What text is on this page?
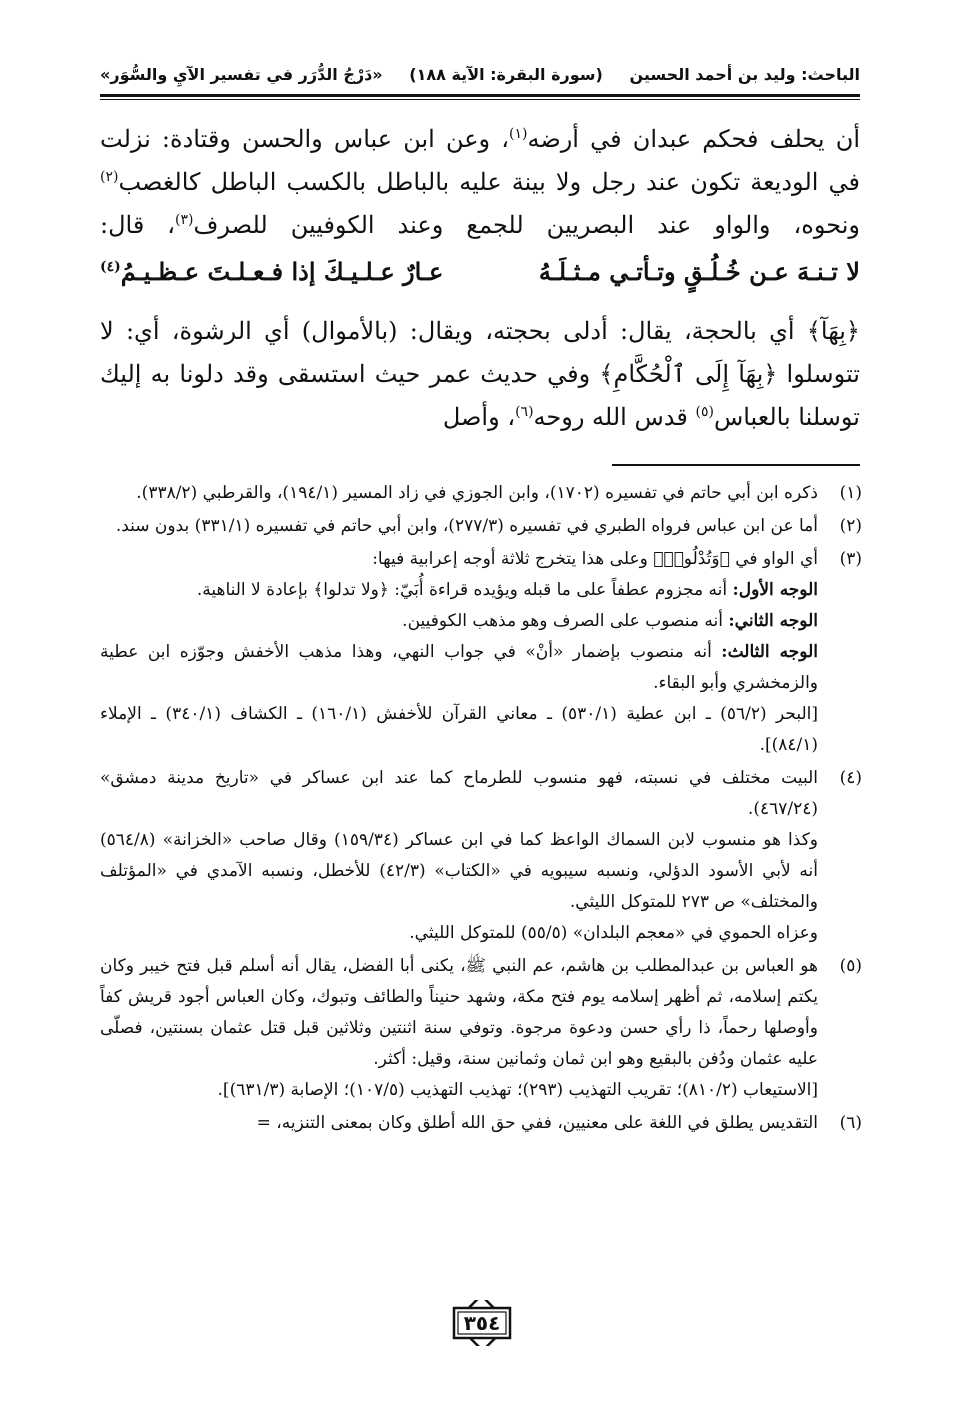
الباحث: وليد بن أحمد الحسين
(سورة البقرة: الآية ١٨٨)
«دَرْجُ الدُّرَر في تفسير الآيِ والسُّوَر»

أن يحلف فحكم عبدان في أرضه$^{(١)}$، وعن ابن عباس والحسن وقتادة: نزلت في الوديعة تكون عند رجل ولا بينة عليه بالباطل بالكسب الباطل كالغصب$^{(٢)}$ ونحوه، والواو عند البصريين للجمع وعند الكوفيين للصرف$^{(٣)}$، قال:

لا تـنـهَ عـن خُـلُـقٍ وتـأتـي مـثـلَـهُ
عـارٌ عـلـيـكَ إذا فـعـلـتَ عـظـيـمُ$^{(٤)}$

﴿بِهَآ﴾ أي بالحجة، يقال: أدلى بحجته، ويقال: (بالأموال) أي الرشوة، أي: لا تتوسلوا ﴿بِهَآ إِلَى ٱلْحُكَّامِ﴾ وفي حديث عمر حيث استسقى وقد دلونا به إليك توسلنا بالعباس$^{(٥)}$ قدس الله روحه$^{(٦)}$، وأصل

(١)

ذكره ابن أبي حاتم في تفسيره (١٧٠٢)، وابن الجوزي في زاد المسير (١٩٤/١)، والقرطبي (٣٣٨/٢).

(٢)

أما عن ابن عباس فرواه الطبري في تفسيره (٢٧٧/٣)، وابن أبي حاتم في تفسيره (٣٣١/١) بدون سند.

(٣)

أي الواو في ﴿وَتُدْلُوا۟﴾ وعلى هذا يتخرج ثلاثة أوجه إعرابية فيها:

الوجه الأول: أنه مجزوم عطفاً على ما قبله ويؤيده قراءة أُبَيّ: ﴿ولا تدلوا﴾ بإعادة لا الناهية.

الوجه الثاني: أنه منصوب على الصرف وهو مذهب الكوفيين.

الوجه الثالث: أنه منصوب بإضمار «أنْ» في جواب النهي، وهذا مذهب الأخفش وجوّزه ابن عطية والزمخشري وأبو البقاء.

[البحر (٥٦/٢) ـ ابن عطية (٥٣٠/١) ـ معاني القرآن للأخفش (١٦٠/١) ـ الكشاف (٣٤٠/١) ـ الإملاء (٨٤/١)].

(٤)

البيت مختلف في نسبته، فهو منسوب للطرماح كما عند ابن عساكر في «تاريخ مدينة دمشق» (٤٦٧/٢٤).

وكذا هو منسوب لابن السماك الواعظ كما في ابن عساكر (١٥٩/٣٤) وقال صاحب «الخزانة» (٥٦٤/٨) أنه لأبي الأسود الدؤلي، ونسبه سيبويه في «الكتاب» (٤٢/٣) للأخطل، ونسبه الآمدي في «المؤتلف والمختلف» ص ٢٧٣ للمتوكل الليثي.

وعزاه الحموي في «معجم البلدان» (٥٥/٥) للمتوكل الليثي.

(٥)

هو العباس بن عبدالمطلب بن هاشم، عم النبي ﷺ، يكنى أبا الفضل، يقال أنه أسلم قبل فتح خيبر وكان يكتم إسلامه، ثم أظهر إسلامه يوم فتح مكة، وشهد حنيناً والطائف وتبوك، وكان العباس أجود قريش كفاً وأوصلها رحماً، ذا رأي حسن ودعوة مرجوة. وتوفي سنة اثنتين وثلاثين قبل قتل عثمان بسنتين، فصلّى عليه عثمان ودُفن بالبقيع وهو ابن ثمان وثمانين سنة، وقيل: أكثر.

[الاستيعاب (٨١٠/٢)؛ تقريب التهذيب (٢٩٣)؛ تهذيب التهذيب (١٠٧/٥)؛ الإصابة (٦٣١/٣)].

(٦)

التقديس يطلق في اللغة على معنيين، ففي حق الله أطلق وكان بمعنى التنزيه، =

٣٥٤
